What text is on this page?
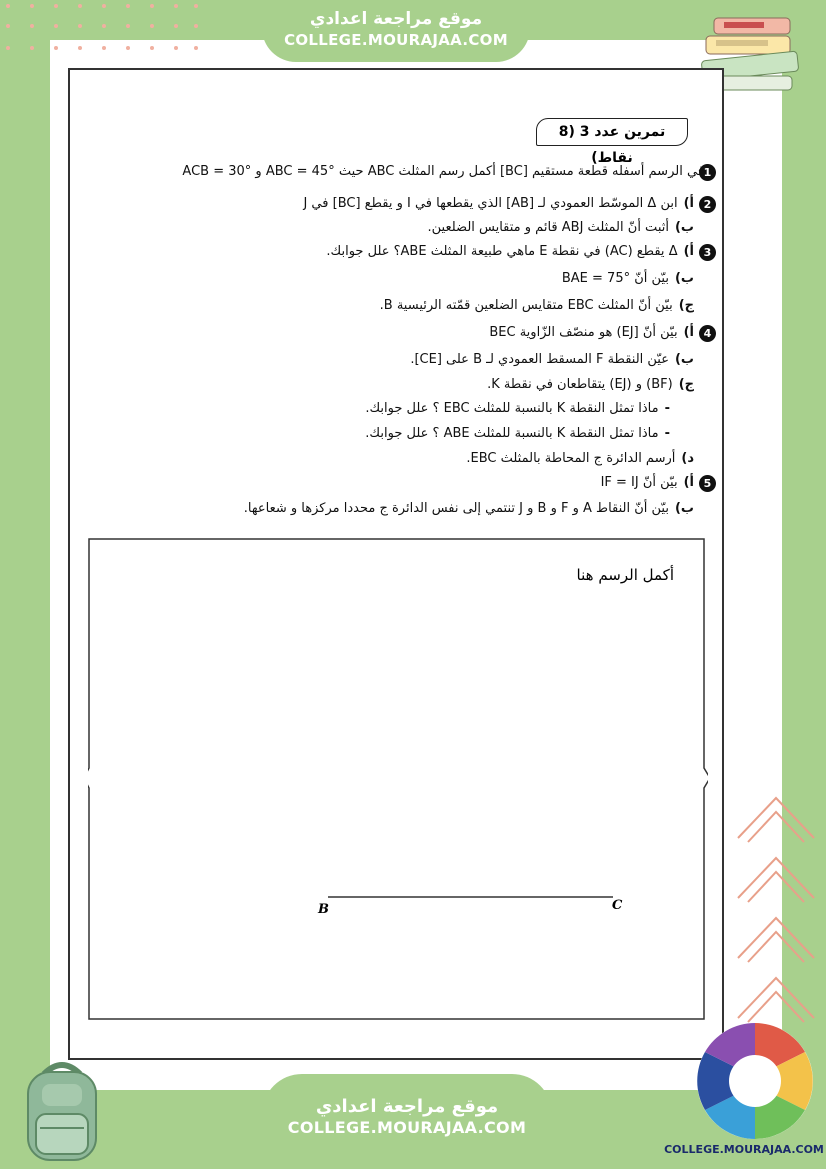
موقع مراجعة اعدادي
COLLEGE.MOURAJAA.COM
تمرين عدد 3 (8 نقاط)
1
في الرسم أسفله قطعة مستقيم [BC] أكمل رسم المثلث ABC حيث ABC = 45° و ACB = 30°
2
أ)ابن Δ الموسّط العمودي لـ [AB] الذي يقطعها في I و يقطع [BC] في J
ب)أثبت أنّ المثلث ABJ قائم و متقايس الضلعين.
3
أ)Δ يقطع (AC) في نقطة E ماهي طبيعة المثلث ABE؟ علل جوابك.
ب)بيّن أنّ BAE = 75°
ج)بيّن أنّ المثلث EBC متقايس الضلعين قمّته الرئيسية B.
4
أ)بيّن أنّ [EJ) هو منصّف الزّاوية BEC
ب)عيّن النقطة F المسقط العمودي لـ B على [CE].
ج)(BF) و (EJ) يتقاطعان في نقطة K.
-ماذا تمثل النقطة K بالنسبة للمثلث EBC ؟ علل جوابك.
-ماذا تمثل النقطة K بالنسبة للمثلث ABE ؟ علل جوابك.
د)أرسم الدائرة ج المحاطة بالمثلث EBC.
5
أ)بيّن أنّ IF = IJ
ب)بيّن أنّ النقاط A و F و B و J تنتمي إلى نفس الدائرة ج محددا مركزها و شعاعها.
أكمل الرسم هنا
B	C
موقع مراجعة اعدادي
COLLEGE.MOURAJAA.COM
COLLEGE.MOURAJAA.COM
